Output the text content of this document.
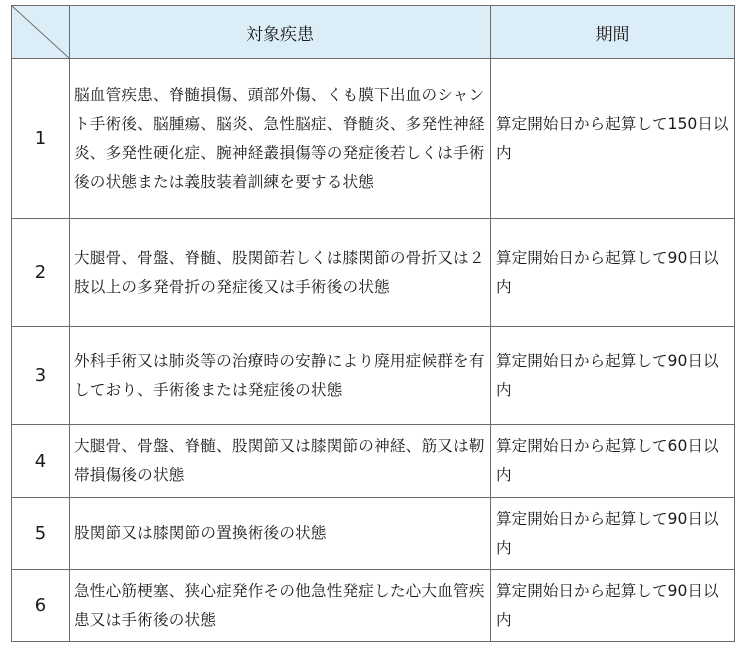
	対象疾患	期間
1	脳血管疾患、脊髄損傷、頭部外傷、くも膜下出血のシャント手術後、脳腫瘍、脳炎、急性脳症、脊髄炎、多発性神経炎、多発性硬化症、腕神経叢損傷等の発症後若しくは手術後の状態または義肢装着訓練を要する状態	算定開始日から起算して150日以内
2	大腿骨、骨盤、脊髄、股関節若しくは膝関節の骨折又は２肢以上の多発骨折の発症後又は手術後の状態	算定開始日から起算して90日以内
3	外科手術又は肺炎等の治療時の安静により廃用症候群を有しており、手術後または発症後の状態	算定開始日から起算して90日以内
4	大腿骨、骨盤、脊髄、股関節又は膝関節の神経、筋又は靭帯損傷後の状態	算定開始日から起算して60日以内
5	股関節又は膝関節の置換術後の状態	算定開始日から起算して90日以内
6	急性心筋梗塞、狭心症発作その他急性発症した心大血管疾患又は手術後の状態	算定開始日から起算して90日以内
